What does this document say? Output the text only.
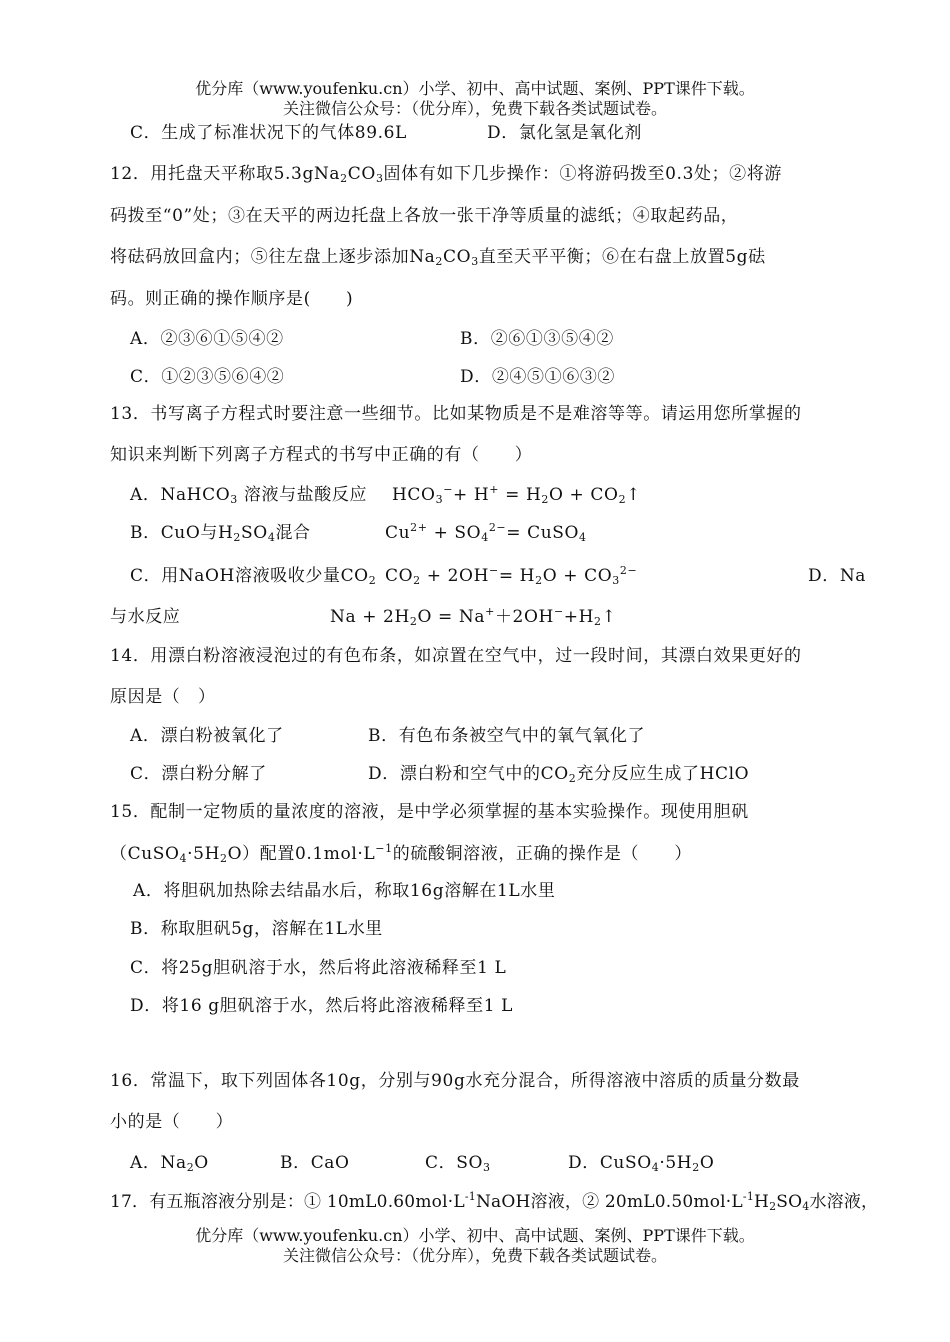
优分库（www.youfenku.cn）小学、初中、高中试题、案例、PPT课件下载。
关注微信公众号：（优分库），免费下载各类试题试卷。
C．生成了标准状况下的气体89.6L	D．氯化氢是氧化剂
12．用托盘天平称取$5.3gNa_2CO_3$固体有如下几步操作：①将游码拨至0.3处；②将游
码拨至“0”处；③在天平的两边托盘上各放一张干净等质量的滤纸；④取起药品，
将砝码放回盒内；⑤往左盘上逐步添加$Na_2CO_3$直至天平平衡；⑥在右盘上放置5g砝
码。则正确的操作顺序是(　　)
A．②③⑥①⑤④②	B．②⑥①③⑤④②
C．①②③⑤⑥④②	D．②④⑤①⑥③②
13．书写离子方程式时要注意一些细节。比如某物质是不是难溶等等。请运用您所掌握的
知识来判断下列离子方程式的书写中正确的有（　　）
A．NaHCO$_3$ 溶液与盐酸反应 $HCO_3^-+ H^+ = H_2O$ + $CO_2↑$
B．CuO与$H_2SO_4$混合	$Cu^{2+} + SO_4^{2-}=$ CuSO$_4$
C．用NaOH溶液吸收少量$CO_2$ $CO_2 + 2OH^-= H_2O + CO_3^{2-}$	D．Na
与水反应	$Na + 2H_2O$ = $Na^++2OH^-+H_2↑$
14．用漂白粉溶液浸泡过的有色布条，如凉置在空气中，过一段时间，其漂白效果更好的
原因是（　）
A．漂白粉被氧化了	B．有色布条被空气中的氧气氧化了
C．漂白粉分解了	D．漂白粉和空气中的$CO_2$充分反应生成了HClO
15．配制一定物质的量浓度的溶液，是中学必须掌握的基本实验操作。现使用胆矾
$(CuSO_4\cdot 5H_2O)$配置$0.1mol\cdot L^{-1}$的硫酸铜溶液，正确的操作是（　　）
A．将胆矾加热除去结晶水后，称取16g溶解在1L水里
B．称取胆矾5g，溶解在1L水里
C．将25g胆矾溶于水，然后将此溶液稀释至1 L
D．将16 g胆矾溶于水，然后将此溶液稀释至1 L
16．常温下，取下列固体各10g，分别与90g水充分混合，所得溶液中溶质的质量分数最
小的是（　　）
A．$Na_2O$	B．CaO	C．$SO_3$	D．$CuSO_4\cdot 5H_2O$
17．有五瓶溶液分别是：① $10mL0.60mol\cdot L^{-1}NaOH$溶液，② $20mL0.50mol\cdot L^{-1}H_2SO_4$水溶液，
优分库（www.youfenku.cn）小学、初中、高中试题、案例、PPT课件下载。
关注微信公众号：（优分库），免费下载各类试题试卷。
